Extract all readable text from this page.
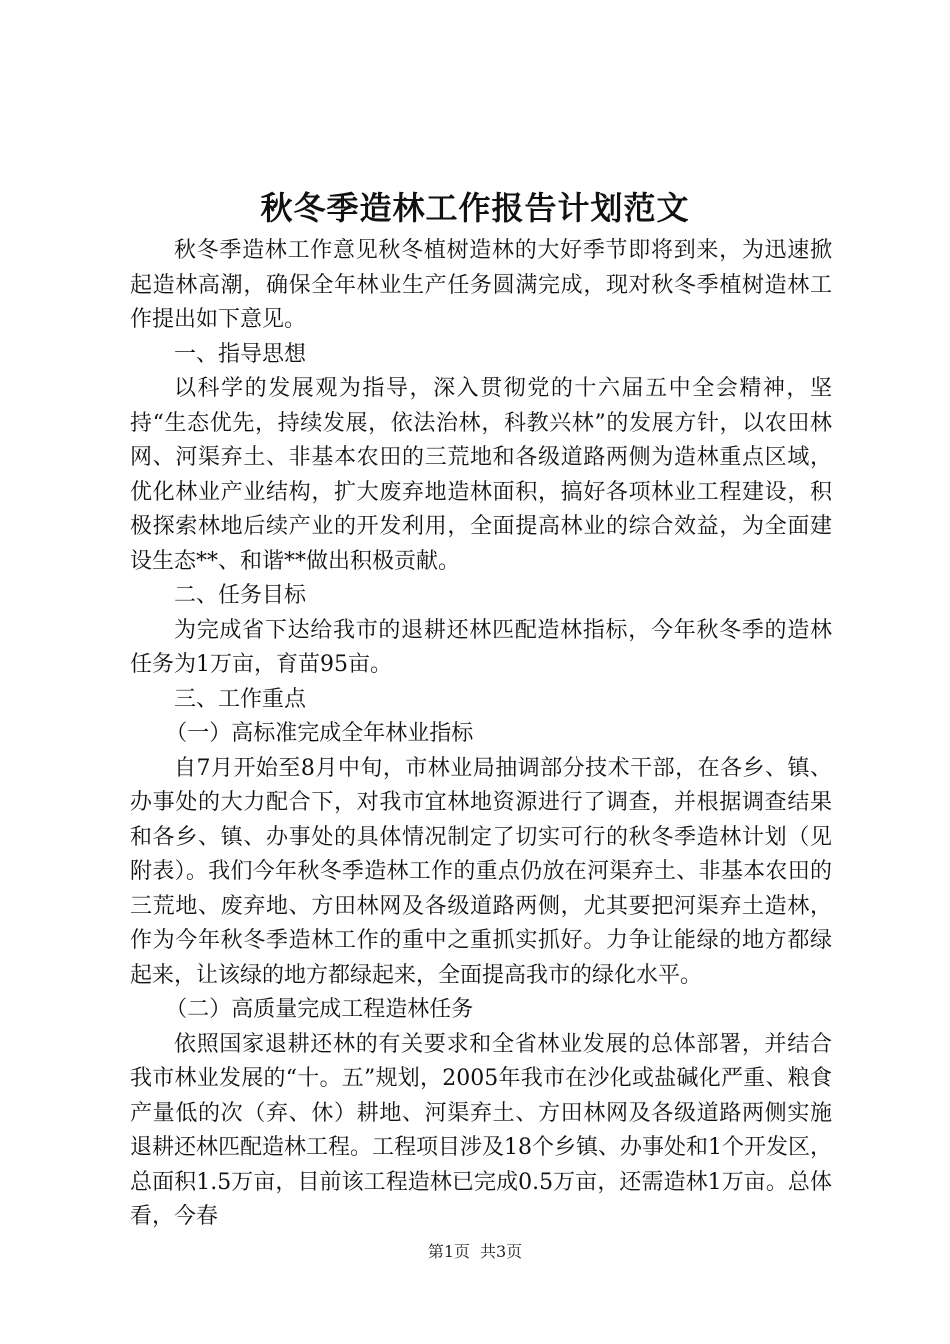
秋冬季造林工作报告计划范文

秋冬季造林工作意见秋冬植树造林的大好季节即将到来，为迅速掀起造林高潮，确保全年林业生产任务圆满完成，现对秋冬季植树造林工作提出如下意见。

一、指导思想

以科学的发展观为指导，深入贯彻党的十六届五中全会精神，坚持“生态优先，持续发展，依法治林，科教兴林”的发展方针，以农田林网、河渠弃土、非基本农田的三荒地和各级道路两侧为造林重点区域，优化林业产业结构，扩大废弃地造林面积，搞好各项林业工程建设，积极探索林地后续产业的开发利用，全面提高林业的综合效益，为全面建设生态**、和谐**做出积极贡献。

二、任务目标

为完成省下达给我市的退耕还林匹配造林指标，今年秋冬季的造林任务为1万亩，育苗95亩。

三、工作重点

（一）高标准完成全年林业指标

自7月开始至8月中旬，市林业局抽调部分技术干部，在各乡、镇、办事处的大力配合下，对我市宜林地资源进行了调查，并根据调查结果和各乡、镇、办事处的具体情况制定了切实可行的秋冬季造林计划（见附表）。我们今年秋冬季造林工作的重点仍放在河渠弃土、非基本农田的三荒地、废弃地、方田林网及各级道路两侧，尤其要把河渠弃土造林，作为今年秋冬季造林工作的重中之重抓实抓好。力争让能绿的地方都绿起来，让该绿的地方都绿起来，全面提高我市的绿化水平。

（二）高质量完成工程造林任务

依照国家退耕还林的有关要求和全省林业发展的总体部署，并结合我市林业发展的“十。五”规划，2005年我市在沙化或盐碱化严重、粮食产量低的次（弃、休）耕地、河渠弃土、方田林网及各级道路两侧实施退耕还林匹配造林工程。工程项目涉及18个乡镇、办事处和1个开发区，总面积1.5万亩，目前该工程造林已完成0.5万亩，还需造林1万亩。总体看，今春

第1页 共3页
